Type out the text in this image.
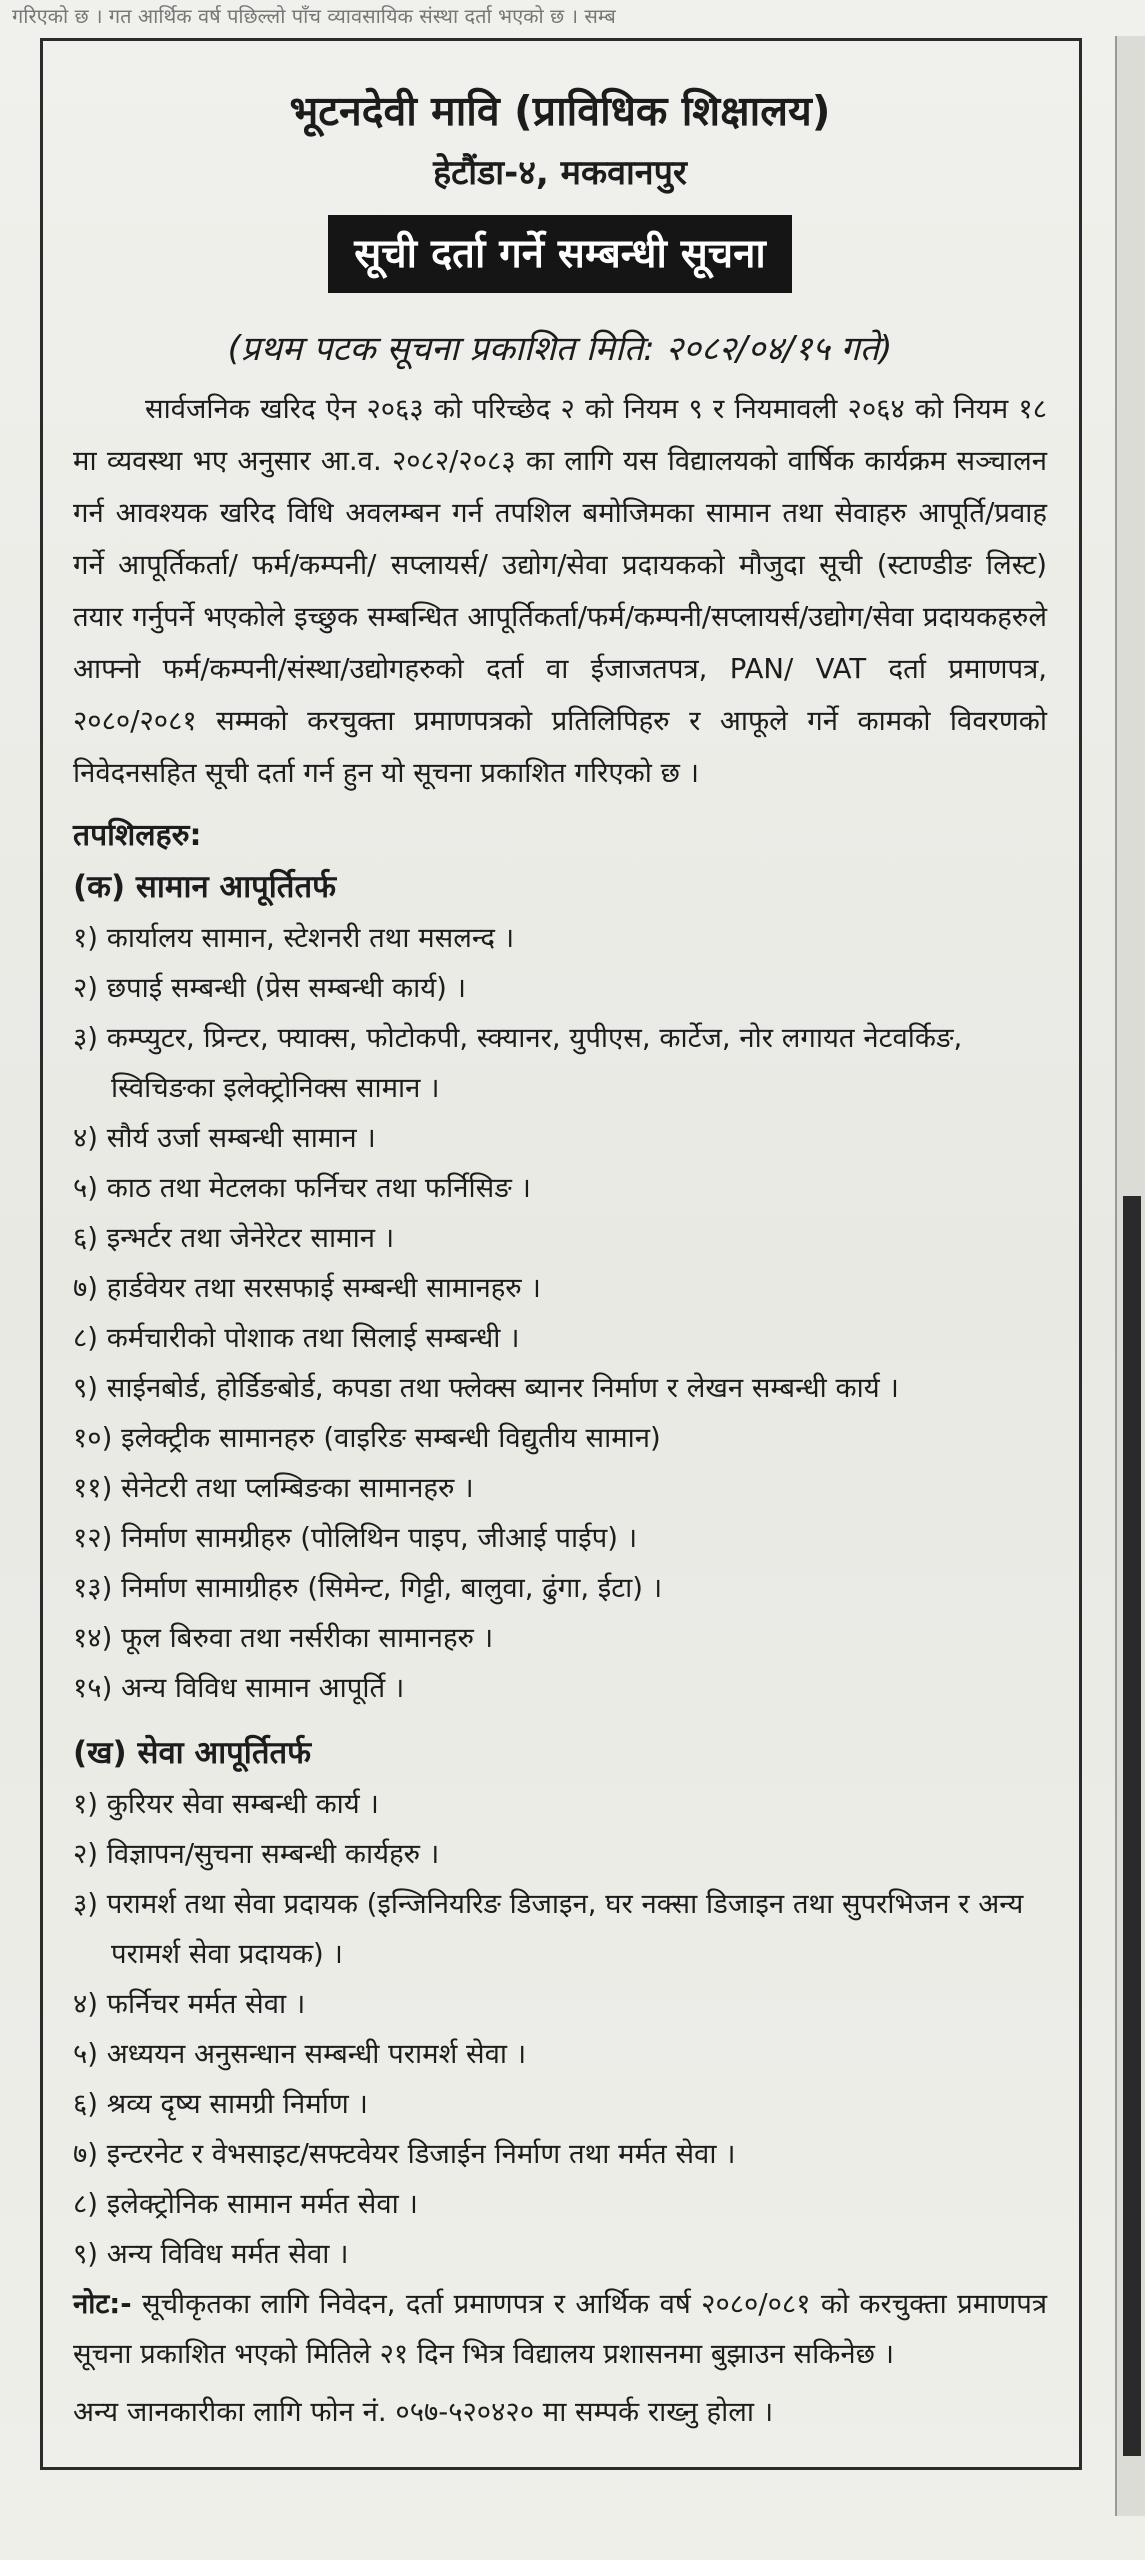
गरिएको छ । गत आर्थिक वर्ष पछिल्लो पाँच व्यावसायिक संस्था दर्ता भएको छ । सम्ब
भूटनदेवी मावि (प्राविधिक शिक्षालय)
हेटौंडा-४, मकवानपुर
सूची दर्ता गर्ने सम्बन्धी सूचना
(प्रथम पटक सूचना प्रकाशित मिति: २०८२/०४/१५ गते)

सार्वजनिक खरिद ऐन २०६३ को परिच्छेद २ को नियम ९ र नियमावली २०६४ को नियम १८ मा व्यवस्था भए अनुसार आ.व. २०८२/२०८३ का लागि यस विद्यालयको वार्षिक कार्यक्रम सञ्चालन गर्न आवश्यक खरिद विधि अवलम्बन गर्न तपशिल बमोजिमका सामान तथा सेवाहरु आपूर्ति/प्रवाह गर्ने आपूर्तिकर्ता/ फर्म/कम्पनी/ सप्लायर्स/ उद्योग/सेवा प्रदायकको मौजुदा सूची (स्टाण्डीङ लिस्ट) तयार गर्नुपर्ने भएकोले इच्छुक सम्बन्धित आपूर्तिकर्ता/फर्म/कम्पनी/सप्लायर्स/उद्योग/सेवा प्रदायकहरुले आफ्नो फर्म/कम्पनी/संस्था/उद्योगहरुको दर्ता वा ईजाजतपत्र, PAN/ VAT दर्ता प्रमाणपत्र, २०८०/२०८१ सम्मको करचुक्ता प्रमाणपत्रको प्रतिलिपिहरु र आफूले गर्ने कामको विवरणको निवेदनसहित सूची दर्ता गर्न हुन यो सूचना प्रकाशित गरिएको छ ।

तपशिलहरु:
(क) सामान आपूर्तितर्फ
१) कार्यालय सामान, स्टेशनरी तथा मसलन्द ।
२) छपाई सम्बन्धी (प्रेस सम्बन्धी कार्य) ।
३) कम्प्युटर, प्रिन्टर, फ्याक्स, फोटोकपी, स्क्यानर, युपीएस, कार्टेज, नोर लगायत नेटवर्किङ, स्विचिङका इलेक्ट्रोनिक्स सामान ।
४) सौर्य उर्जा सम्बन्धी सामान ।
५) काठ तथा मेटलका फर्निचर तथा फर्निसिङ ।
६) इन्भर्टर तथा जेनेरेटर सामान ।
७) हार्डवेयर तथा सरसफाई सम्बन्धी सामानहरु ।
८) कर्मचारीको पोशाक तथा सिलाई सम्बन्धी ।
९) साईनबोर्ड, होर्डिङबोर्ड, कपडा तथा फ्लेक्स ब्यानर निर्माण र लेखन सम्बन्धी कार्य ।
१०) इलेक्ट्रीक सामानहरु (वाइरिङ सम्बन्धी विद्युतीय सामान)
११) सेनेटरी तथा प्लम्बिङका सामानहरु ।
१२) निर्माण सामग्रीहरु (पोलिथिन पाइप, जीआई पाईप) ।
१३) निर्माण सामाग्रीहरु (सिमेन्ट, गिट्टी, बालुवा, ढुंगा, ईटा) ।
१४) फूल बिरुवा तथा नर्सरीका सामानहरु ।
१५) अन्य विविध सामान आपूर्ति ।
(ख) सेवा आपूर्तितर्फ
१) कुरियर सेवा सम्बन्धी कार्य ।
२) विज्ञापन/सुचना सम्बन्धी कार्यहरु ।
३) परामर्श तथा सेवा प्रदायक (इन्जिनियरिङ डिजाइन, घर नक्सा डिजाइन तथा सुपरभिजन र अन्य परामर्श सेवा प्रदायक) ।
४) फर्निचर मर्मत सेवा ।
५) अध्ययन अनुसन्धान सम्बन्धी परामर्श सेवा ।
६) श्रव्य दृष्य सामग्री निर्माण ।
७) इन्टरनेट र वेभसाइट/सफ्टवेयर डिजाईन निर्माण तथा मर्मत सेवा ।
८) इलेक्ट्रोनिक सामान मर्मत सेवा ।
९) अन्य विविध मर्मत सेवा ।

नोट:- सूचीकृतका लागि निवेदन, दर्ता प्रमाणपत्र र आर्थिक वर्ष २०८०/०८१ को करचुक्ता प्रमाणपत्र सूचना प्रकाशित भएको मितिले २१ दिन भित्र विद्यालय प्रशासनमा बुझाउन सकिनेछ ।

अन्य जानकारीका लागि फोन नं. ०५७-५२०४२० मा सम्पर्क राख्नु होला ।
